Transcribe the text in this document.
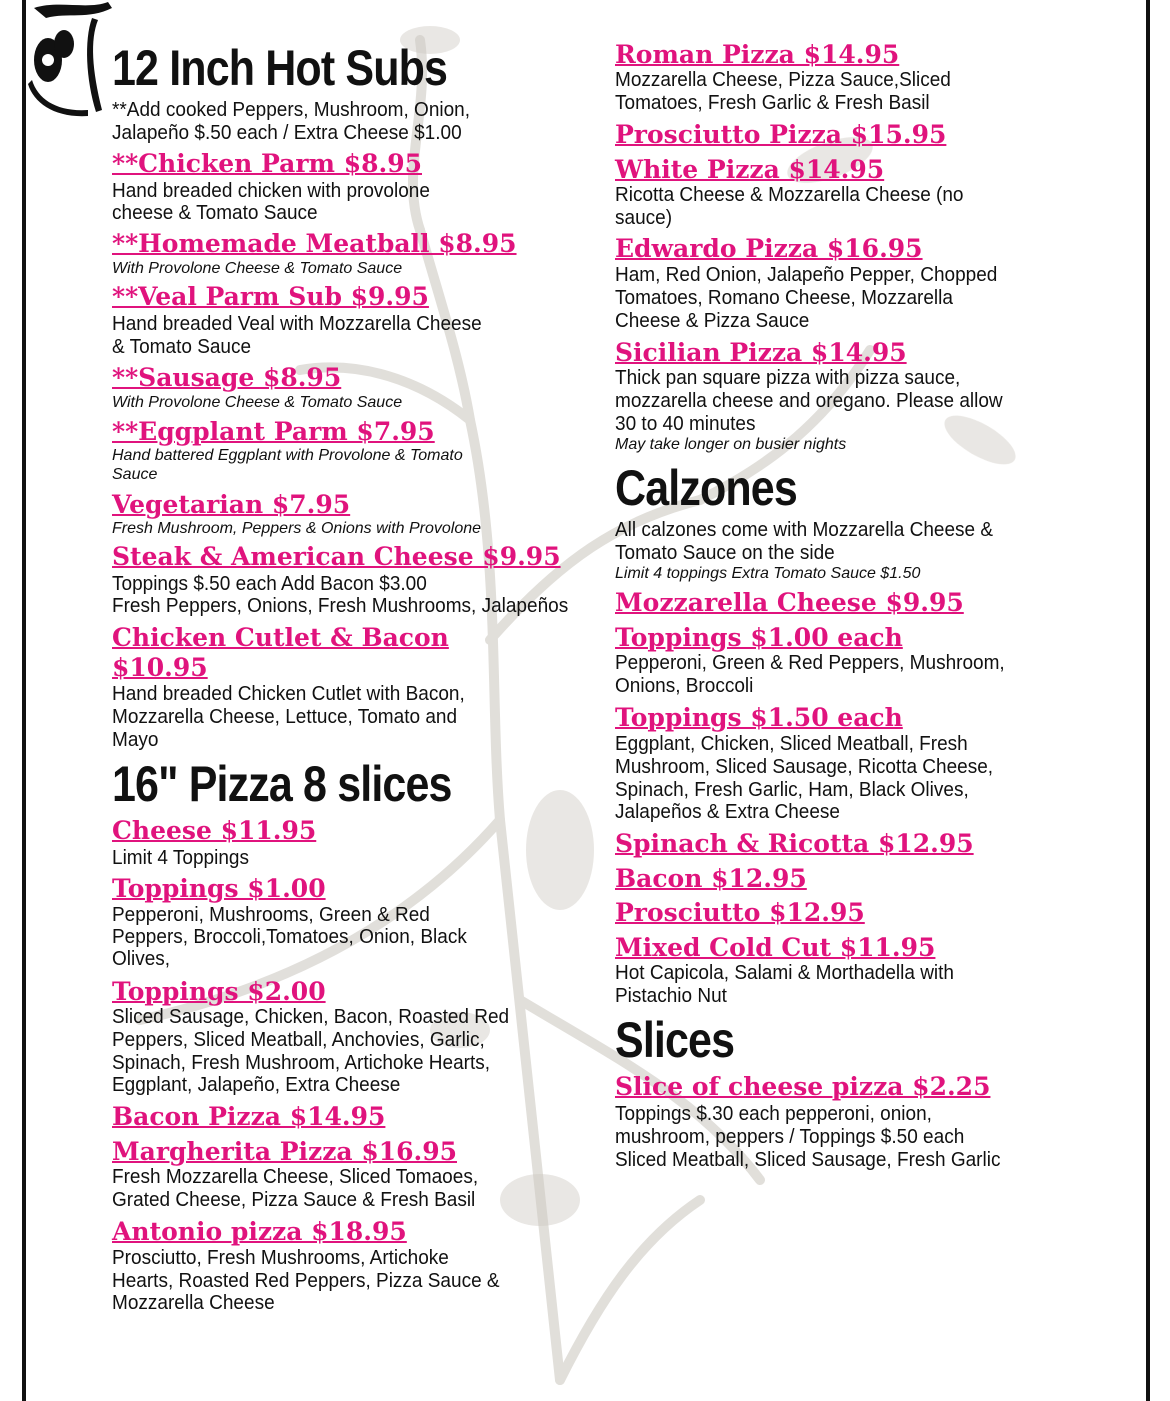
12 Inch Hot Subs
**Add cooked Peppers, Mushroom, Onion,
Jalapeño $.50 each / Extra Cheese $1.00
**Chicken Parm $8.95
Hand breaded chicken with provolone
cheese & Tomato Sauce
**Homemade Meatball $8.95
With Provolone Cheese & Tomato Sauce
**Veal Parm Sub $9.95
Hand breaded Veal with Mozzarella Cheese
& Tomato Sauce
**Sausage $8.95
With Provolone Cheese & Tomato Sauce
**Eggplant Parm $7.95
Hand battered Eggplant with Provolone & Tomato
Sauce
Vegetarian $7.95
Fresh Mushroom, Peppers & Onions with Provolone
Steak & American Cheese $9.95
Toppings $.50 each Add Bacon $3.00
Fresh Peppers, Onions, Fresh Mushrooms, Jalapeños
Chicken Cutlet & Bacon
$10.95
Hand breaded Chicken Cutlet with Bacon,
Mozzarella Cheese, Lettuce, Tomato and
Mayo
16" Pizza 8 slices
Cheese $11.95
Limit 4 Toppings
Toppings $1.00
Pepperoni, Mushrooms, Green & Red
Peppers, Broccoli,Tomatoes, Onion, Black
Olives,
Toppings $2.00
Sliced Sausage, Chicken, Bacon, Roasted Red
Peppers, Sliced Meatball, Anchovies, Garlic,
Spinach, Fresh Mushroom, Artichoke Hearts,
Eggplant, Jalapeño, Extra Cheese
Bacon Pizza $14.95
Margherita Pizza $16.95
Fresh Mozzarella Cheese, Sliced Tomaoes,
Grated Cheese, Pizza Sauce & Fresh Basil
Antonio pizza $18.95
Prosciutto, Fresh Mushrooms, Artichoke
Hearts, Roasted Red Peppers, Pizza Sauce &
Mozzarella Cheese
Roman Pizza $14.95
Mozzarella Cheese, Pizza Sauce,Sliced
Tomatoes, Fresh Garlic & Fresh Basil
Prosciutto Pizza $15.95
White Pizza $14.95
Ricotta Cheese & Mozzarella Cheese (no
sauce)
Edwardo Pizza $16.95
Ham, Red Onion, Jalapeño Pepper, Chopped
Tomatoes, Romano Cheese, Mozzarella
Cheese & Pizza Sauce
Sicilian Pizza $14.95
Thick pan square pizza with pizza sauce,
mozzarella cheese and oregano. Please allow
30 to 40 minutes
May take longer on busier nights
Calzones
All calzones come with Mozzarella Cheese &
Tomato Sauce on the side
Limit 4 toppings Extra Tomato Sauce $1.50
Mozzarella Cheese $9.95
Toppings $1.00 each
Pepperoni, Green & Red Peppers, Mushroom,
Onions, Broccoli
Toppings $1.50 each
Eggplant, Chicken, Sliced Meatball, Fresh
Mushroom, Sliced Sausage, Ricotta Cheese,
Spinach, Fresh Garlic, Ham, Black Olives,
Jalapeños & Extra Cheese
Spinach & Ricotta $12.95
Bacon $12.95
Prosciutto $12.95
Mixed Cold Cut $11.95
Hot Capicola, Salami & Morthadella with
Pistachio Nut
Slices
Slice of cheese pizza $2.25
Toppings $.30 each pepperoni, onion,
mushroom, peppers / Toppings $.50 each
Sliced Meatball, Sliced Sausage, Fresh Garlic
